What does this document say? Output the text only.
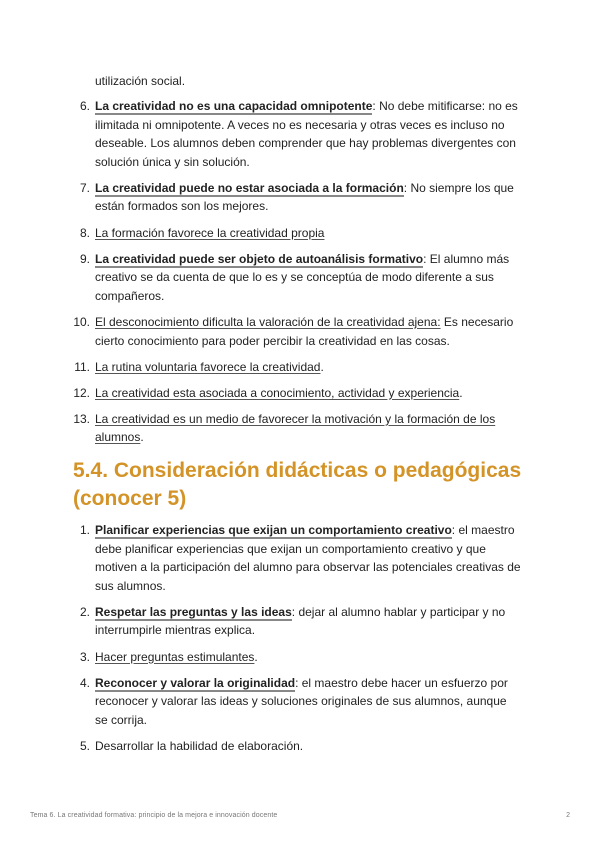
utilización social.
6. La creatividad no es una capacidad omnipotente: No debe mitificarse: no es ilimitada ni omnipotente. A veces no es necesaria y otras veces es incluso no deseable. Los alumnos deben comprender que hay problemas divergentes con solución única y sin solución.
7. La creatividad puede no estar asociada a la formación: No siempre los que están formados son los mejores.
8. La formación favorece la creatividad propia
9. La creatividad puede ser objeto de autoanálisis formativo: El alumno más creativo se da cuenta de que lo es y se conceptúa de modo diferente a sus compañeros.
10. El desconocimiento dificulta la valoración de la creatividad ajena: Es necesario cierto conocimiento para poder percibir la creatividad en las cosas.
11. La rutina voluntaria favorece la creatividad.
12. La creatividad esta asociada a conocimiento, actividad y experiencia.
13. La creatividad es un medio de favorecer la motivación y la formación de los alumnos.
5.4. Consideración didácticas o pedagógicas (conocer 5)
1. Planificar experiencias que exijan un comportamiento creativo: el maestro debe planificar experiencias que exijan un comportamiento creativo y que motiven a la participación del alumno para observar las potenciales creativas de sus alumnos.
2. Respetar las preguntas y las ideas: dejar al alumno hablar y participar y no interrumpirle mientras explica.
3. Hacer preguntas estimulantes.
4. Reconocer y valorar la originalidad: el maestro debe hacer un esfuerzo por reconocer y valorar las ideas y soluciones originales de sus alumnos, aunque se corrija.
5. Desarrollar la habilidad de elaboración.
Tema 6. La creatividad formativa: principio de la mejora e innovación docente	2
